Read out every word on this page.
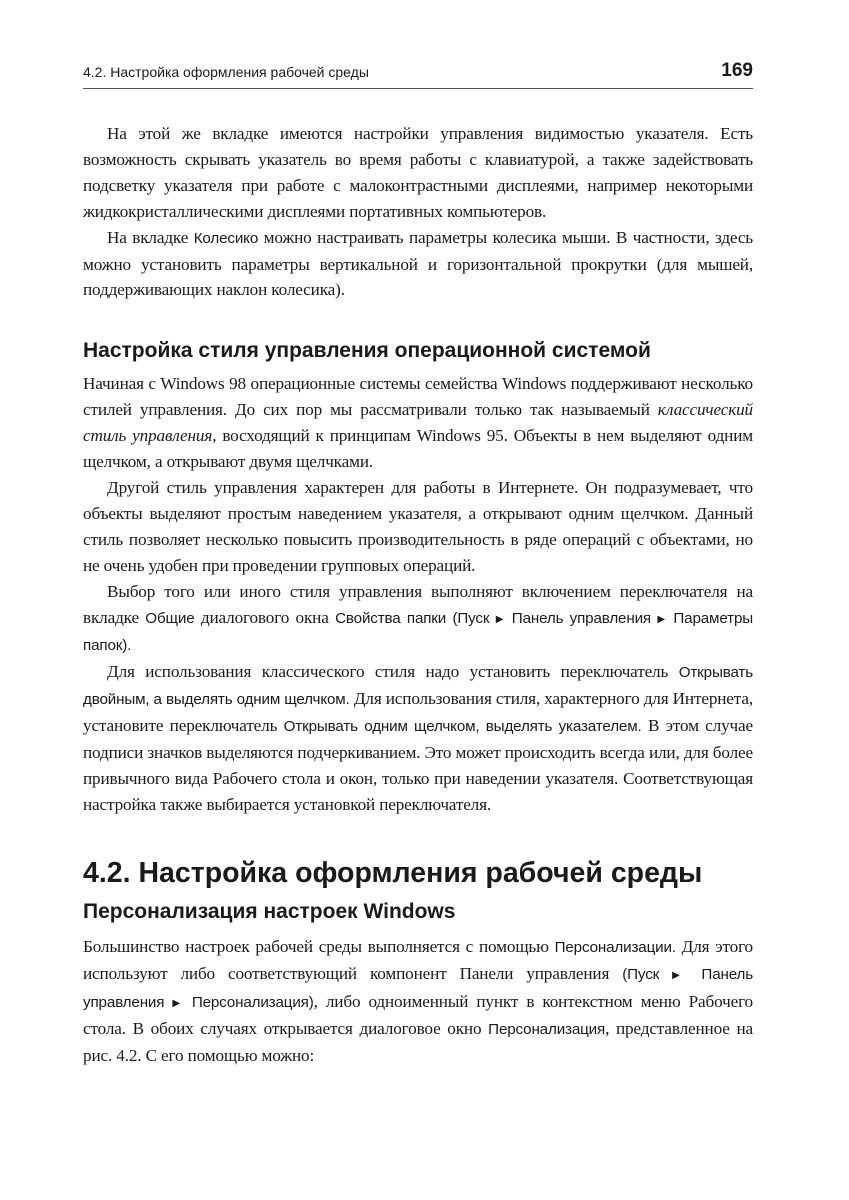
4.2. Настройка оформления рабочей среды	169

На этой же вкладке имеются настройки управления видимостью указателя. Есть возможность скрывать указатель во время работы с клавиатурой, а также задействовать подсветку указателя при работе с малоконтрастными дисплеями, например некоторыми жидкокристаллическими дисплеями портативных компьютеров.

На вкладке Колесико можно настраивать параметры колесика мыши. В частности, здесь можно установить параметры вертикальной и горизонтальной прокрутки (для мышей, поддерживающих наклон колесика).

Настройка стиля управления операционной системой

Начиная с Windows 98 операционные системы семейства Windows поддерживают несколько стилей управления. До сих пор мы рассматривали только так называемый классический стиль управления, восходящий к принципам Windows 95. Объекты в нем выделяют одним щелчком, а открывают двумя щелчками.

Другой стиль управления характерен для работы в Интернете. Он подразумевает, что объекты выделяют простым наведением указателя, а открывают одним щелчком. Данный стиль позволяет несколько повысить производительность в ряде операций с объектами, но не очень удобен при проведении групповых операций.

Выбор того или иного стиля управления выполняют включением переключателя на вкладке Общие диалогового окна Свойства папки (Пуск ▶ Панель управления ▶ Параметры папок).

Для использования классического стиля надо установить переключатель Открывать двойным, а выделять одним щелчком. Для использования стиля, характерного для Интернета, установите переключатель Открывать одним щелчком, выделять указателем. В этом случае подписи значков выделяются подчеркиванием. Это может происходить всегда или, для более привычного вида Рабочего стола и окон, только при наведении указателя. Соответствующая настройка также выбирается установкой переключателя.

4.2. Настройка оформления рабочей среды
Персонализация настроек Windows

Большинство настроек рабочей среды выполняется с помощью Персонализации. Для этого используют либо соответствующий компонент Панели управления (Пуск ▶ Панель управления ▶ Персонализация), либо одноименный пункт в контекстном меню Рабочего стола. В обоих случаях открывается диалоговое окно Персонализация, представленное на рис. 4.2. С его помощью можно:
